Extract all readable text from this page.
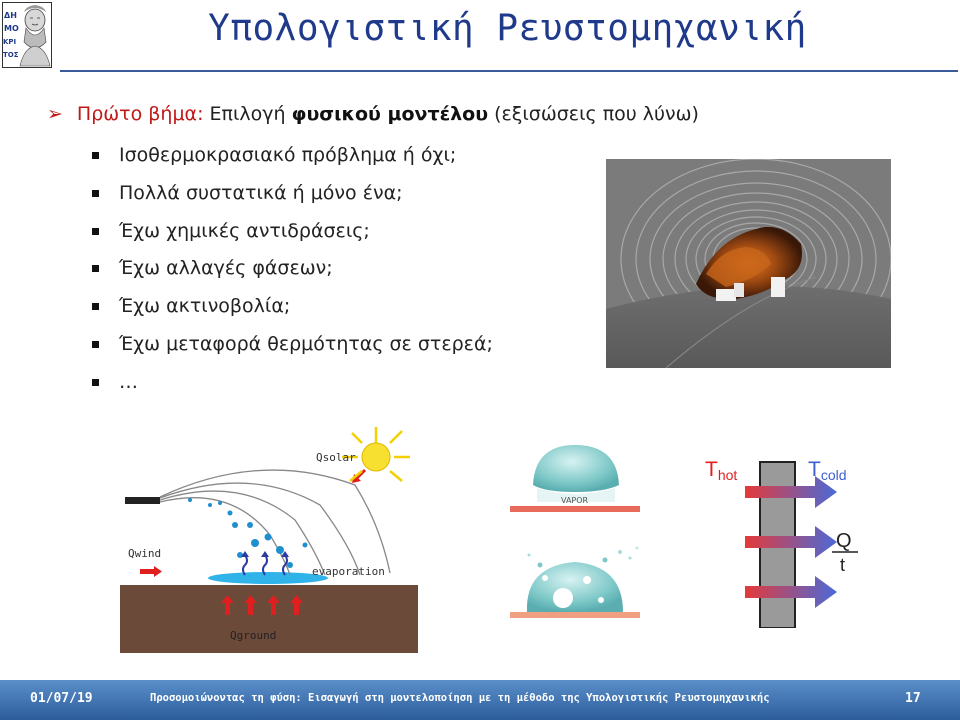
ΔΗ
ΜΟ
ΚΡΙ
ΤΟΣ
Υπολογιστική Ρευστομηχανική
➢ Πρώτο βήμα: Επιλογή φυσικού μοντέλου (εξισώσεις που λύνω)
Ισοθερμοκρασιακό πρόβλημα ή όχι;
Πολλά συστατικά ή μόνο ένα;
Έχω χημικές αντιδράσεις;
Έχω αλλαγές φάσεων;
Έχω ακτινοβολία;
Έχω μεταφορά θερμότητας σε στερεά;
…
Qsolar
Qwind
evaporation
Qground
VAPOR
Thot	Tcold
Q
t
01/07/19	Προσομοιώνοντας τη φύση: Εισαγωγή στη μοντελοποίηση με τη μέθοδο της Υπολογιστικής Ρευστομηχανικής	17
